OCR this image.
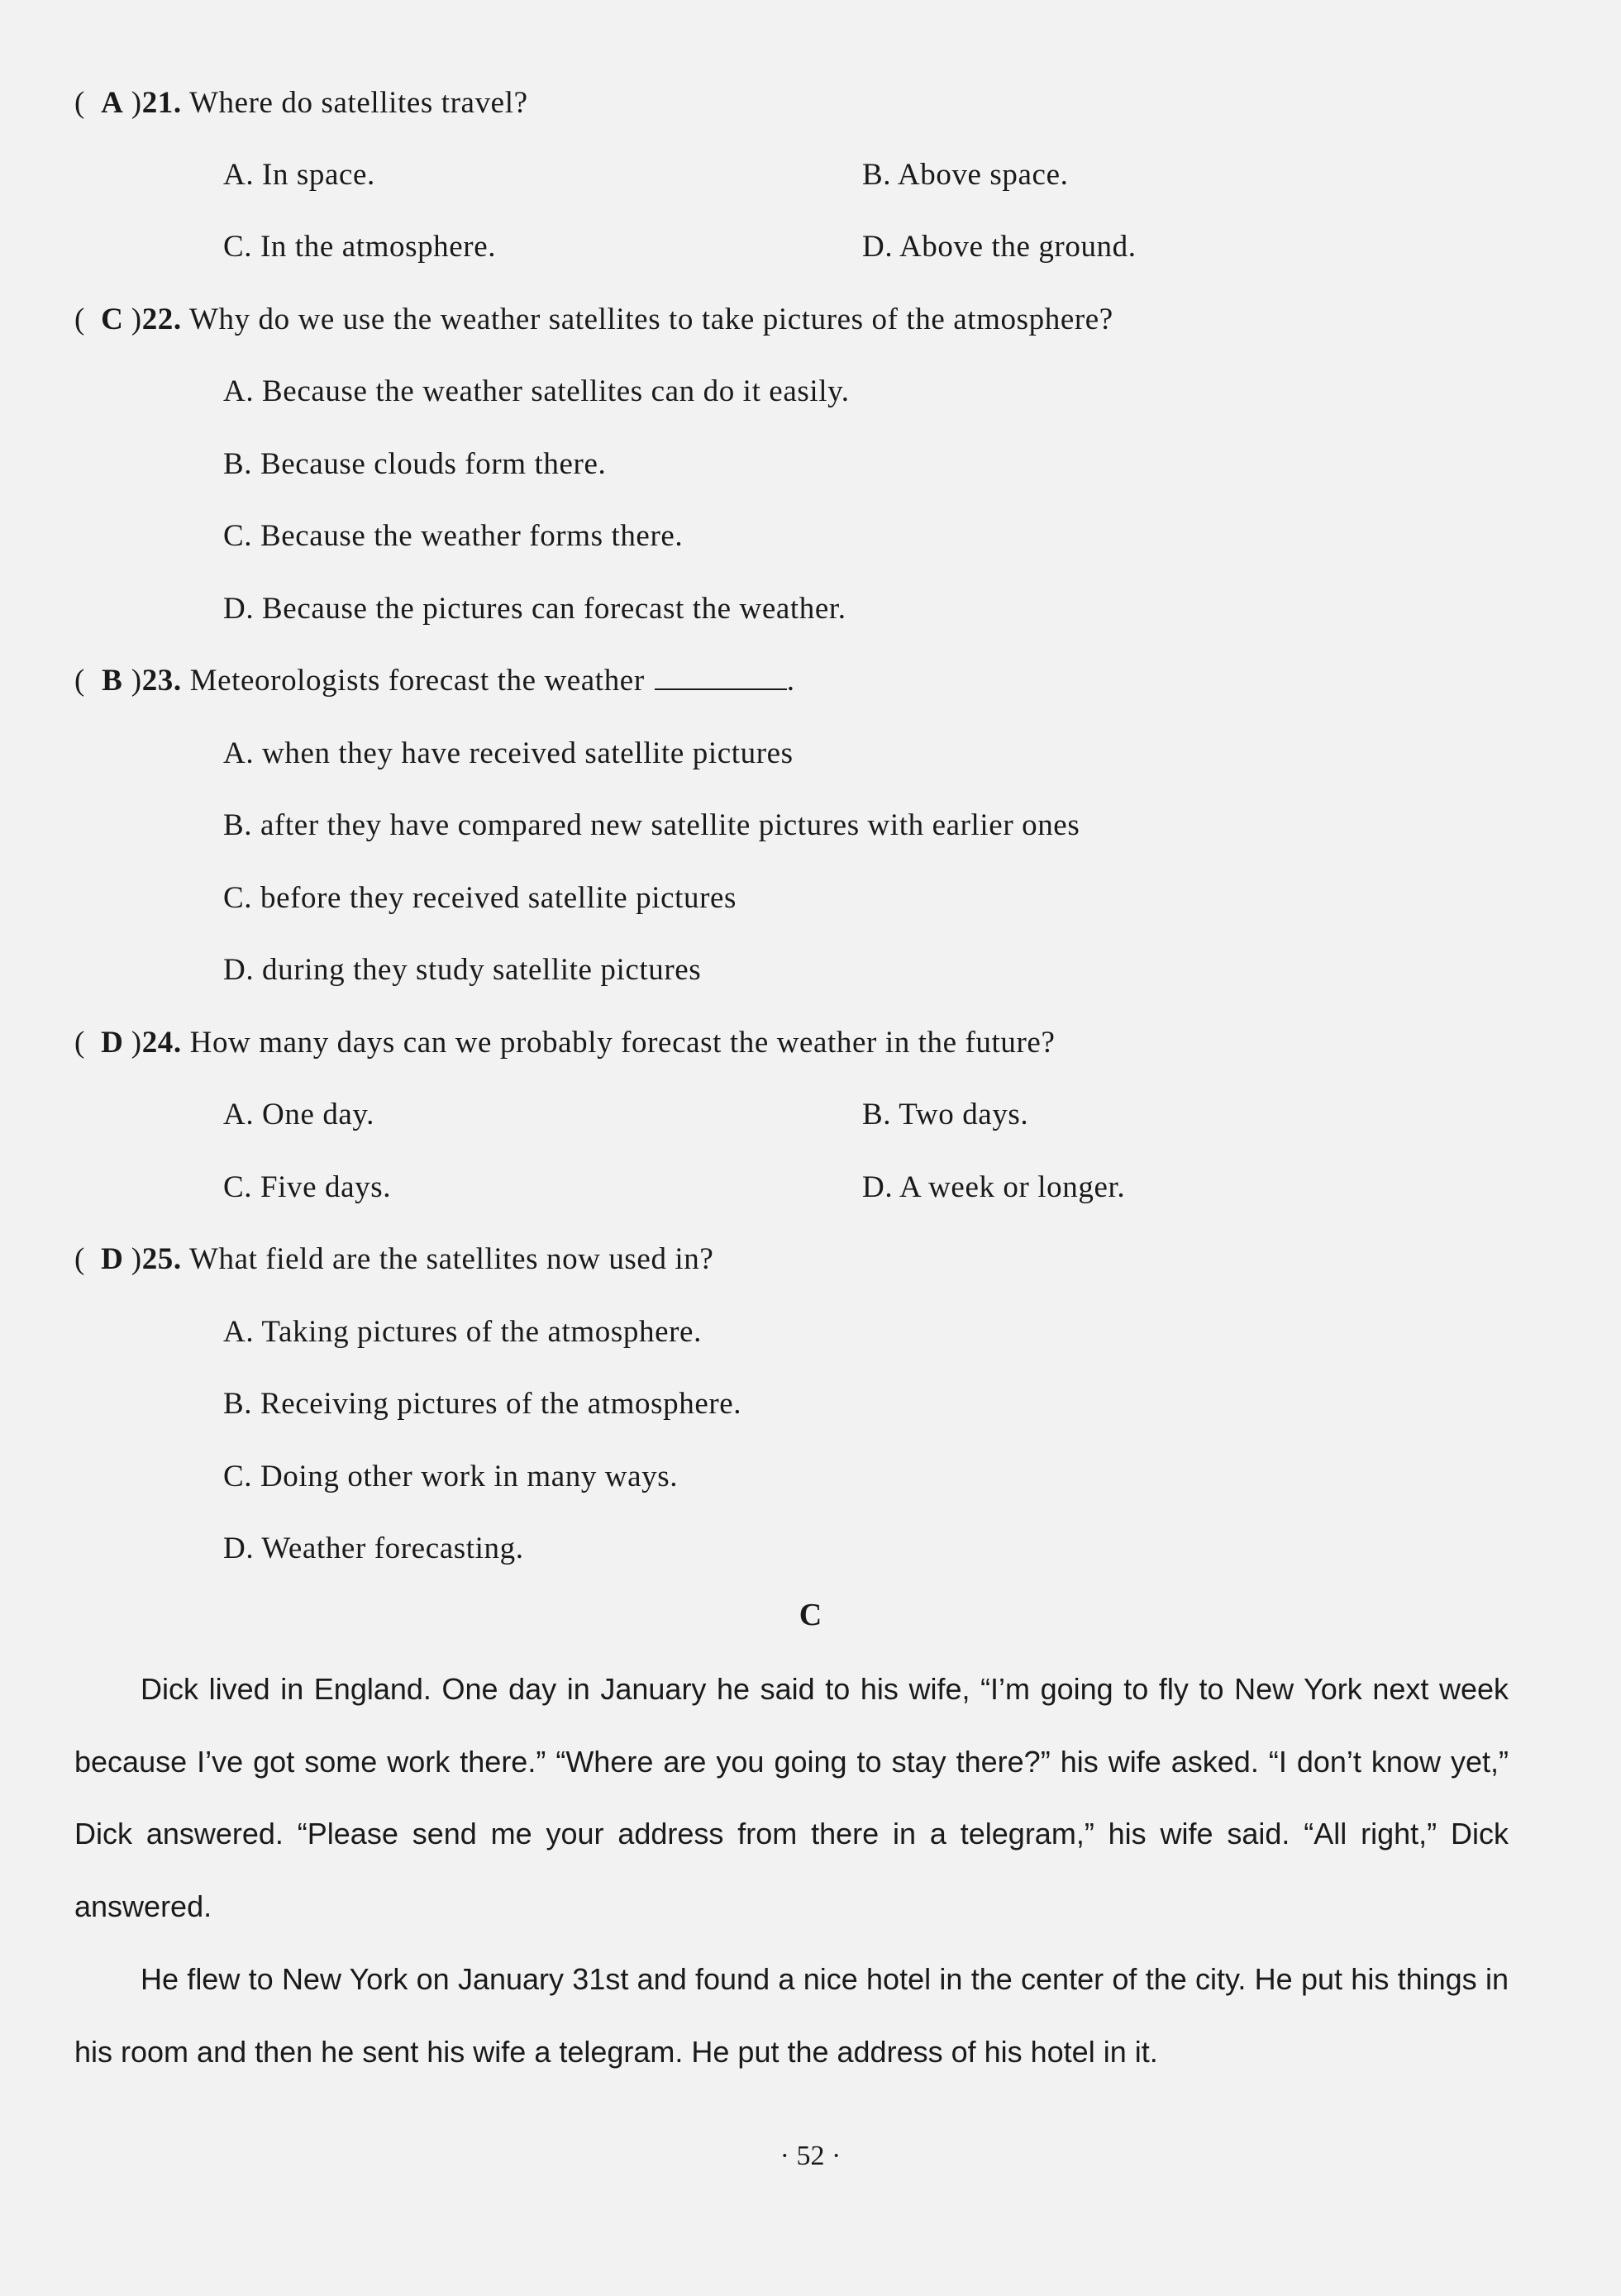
( A )21. Where do satellites travel?
A. In space.	B. Above space.
C. In the atmosphere.	D. Above the ground.
( C )22. Why do we use the weather satellites to take pictures of the atmosphere?
A. Because the weather satellites can do it easily.
B. Because clouds form there.
C. Because the weather forms there.
D. Because the pictures can forecast the weather.
( B )23. Meteorologists forecast the weather	.
A. when they have received satellite pictures
B. after they have compared new satellite pictures with earlier ones
C. before they received satellite pictures
D. during they study satellite pictures
( D )24. How many days can we probably forecast the weather in the future?
A. One day.	B. Two days.
C. Five days.	D. A week or longer.
( D )25. What field are the satellites now used in?
A. Taking pictures of the atmosphere.
B. Receiving pictures of the atmosphere.
C. Doing other work in many ways.
D. Weather forecasting.
C
Dick lived in England. One day in January he said to his wife, “I’m going to fly to New York next week because I’ve got some work there.” “Where are you going to stay there?” his wife asked. “I don’t know yet,” Dick answered. “Please send me your address from there in a telegram,” his wife said. “All right,” Dick answered.
He flew to New York on January 31st and found a nice hotel in the center of the city. He put his things in his room and then he sent his wife a telegram. He put the address of his hotel in it.
· 52 ·
